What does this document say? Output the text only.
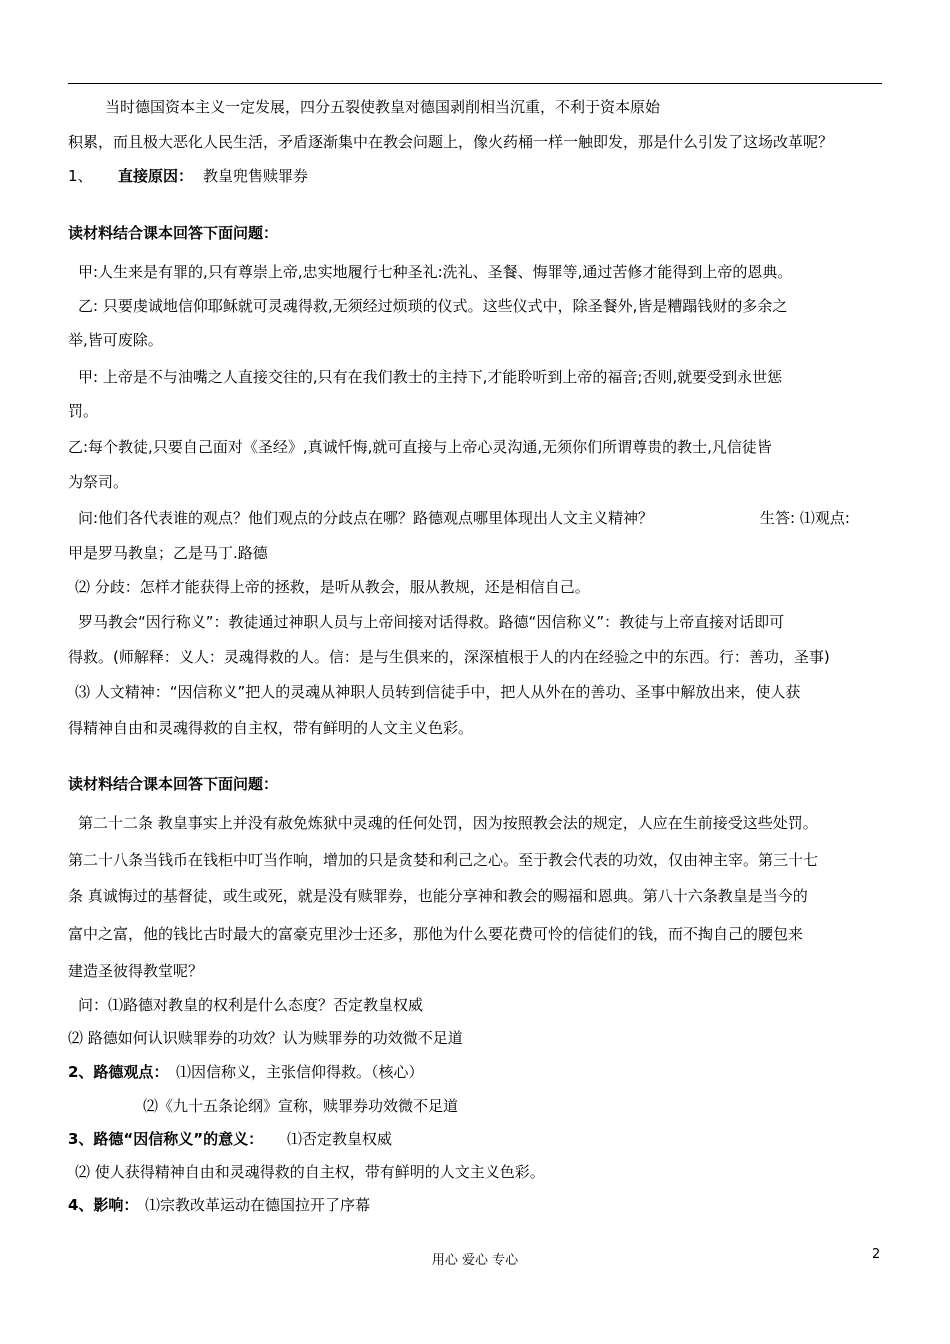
当时德国资本主义一定发展，四分五裂使教皇对德国剥削相当沉重，不利于资本原始
积累，而且极大恶化人民生活，矛盾逐渐集中在教会问题上，像火药桶一样一触即发，那是什么引发了这场改革呢？
1、 直接原因： 教皇兜售赎罪券
读材料结合课本回答下面问题：
甲:人生来是有罪的,只有尊崇上帝,忠实地履行七种圣礼:洗礼、圣餐、悔罪等,通过苦修才能得到上帝的恩典。
乙: 只要虔诚地信仰耶稣就可灵魂得救,无须经过烦琐的仪式。这些仪式中，除圣餐外,皆是糟蹋钱财的多余之
举,皆可废除。
甲: 上帝是不与油嘴之人直接交往的,只有在我们教士的主持下,才能聆听到上帝的福音;否则,就要受到永世惩
罚。
乙:每个教徒,只要自己面对《圣经》,真诚忏悔,就可直接与上帝心灵沟通,无须你们所谓尊贵的教士,凡信徒皆
为祭司。
问:他们各代表谁的观点？他们观点的分歧点在哪？路德观点哪里体现出人文主义精神？	生答: ⑴观点:
甲是罗马教皇；乙是马丁.路德
⑵ 分歧：怎样才能获得上帝的拯救，是听从教会，服从教规，还是相信自己。
罗马教会“因行称义”：教徒通过神职人员与上帝间接对话得救。路德“因信称义”：教徒与上帝直接对话即可
得救。(师解释：义人：灵魂得救的人。信：是与生俱来的，深深植根于人的内在经验之中的东西。行：善功，圣事)
⑶ 人文精神：“因信称义”把人的灵魂从神职人员转到信徒手中，把人从外在的善功、圣事中解放出来，使人获
得精神自由和灵魂得救的自主权，带有鲜明的人文主义色彩。
读材料结合课本回答下面问题：
第二十二条 教皇事实上并没有赦免炼狱中灵魂的任何处罚，因为按照教会法的规定，人应在生前接受这些处罚。
第二十八条当钱币在钱柜中叮当作响，增加的只是贪婪和利己之心。至于教会代表的功效，仅由神主宰。第三十七
条 真诚悔过的基督徒，或生或死，就是没有赎罪券，也能分享神和教会的赐福和恩典。第八十六条教皇是当今的
富中之富，他的钱比古时最大的富豪克里沙士还多，那他为什么要花费可怜的信徒们的钱，而不掏自己的腰包来
建造圣彼得教堂呢？
问：⑴路德对教皇的权利是什么态度？否定教皇权威
⑵ 路德如何认识赎罪券的功效？认为赎罪券的功效微不足道
2、路德观点： ⑴因信称义，主张信仰得救。（核心）
⑵《九十五条论纲》宣称，赎罪券功效微不足道
3、路德“因信称义”的意义： ⑴否定教皇权威
⑵ 使人获得精神自由和灵魂得救的自主权，带有鲜明的人文主义色彩。
4、影响： ⑴宗教改革运动在德国拉开了序幕
用心 爱心 专心	2
